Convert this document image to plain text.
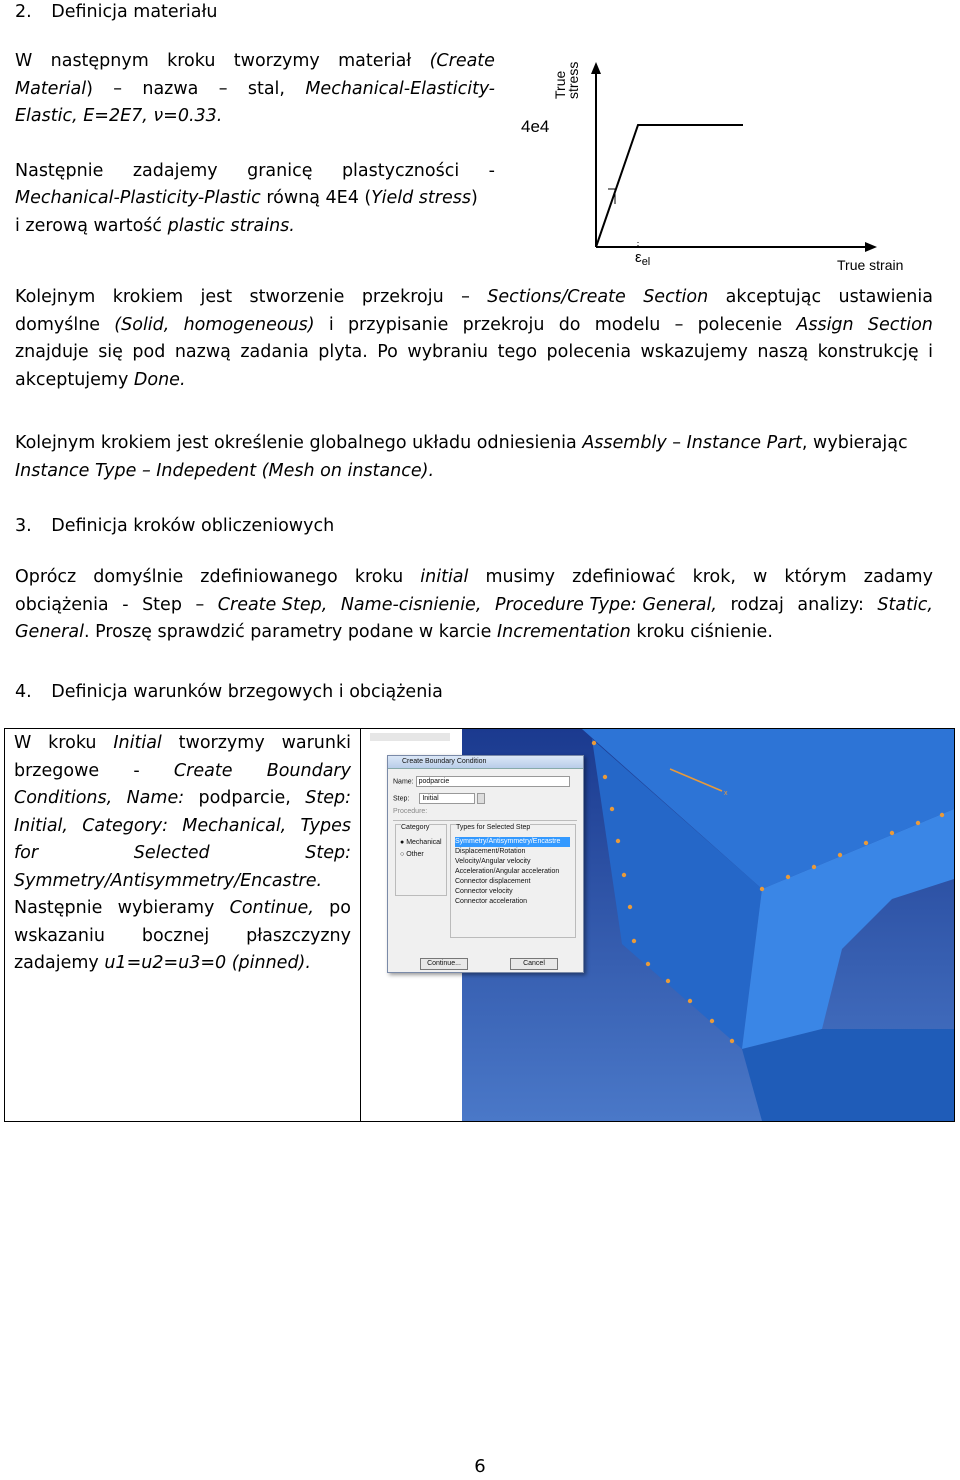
2. Definicja materiału
W następnym kroku tworzymy materiał (Create
Material) – nazwa – stal, Mechanical-Elasticity-
Elastic, E=2E7, ν=0.33.
Następnie zadajemy granicę plastyczności -
Mechanical-Plasticity-Plastic równą 4E4 (Yield stress)
i zerową wartość plastic strains.
True
stress
True stress
True strain
4e4
$\varepsilon_{el}$
Kolejnym krokiem jest stworzenie przekroju – Sections/Create Section akceptując ustawienia
domyślne (Solid, homogeneous) i przypisanie przekroju do modelu – polecenie Assign Section
znajduje się pod nazwą zadania plyta. Po wybraniu tego polecenia wskazujemy naszą konstrukcję i
akceptujemy Done.
Kolejnym krokiem jest określenie globalnego układu odniesienia Assembly – Instance Part, wybierając
Instance Type – Indepedent (Mesh on instance).
3. Definicja kroków obliczeniowych
Oprócz domyślnie zdefiniowanego kroku initial musimy zdefiniować krok, w którym zadamy
obciążenia - Step – Create Step, Name-cisnienie, Procedure Type: General, rodzaj analizy: Static,
General. Proszę sprawdzić parametry podane w karcie Incrementation kroku ciśnienie.
4. Definicja warunków brzegowych i obciążenia
W kroku Initial tworzymy warunki
brzegowe - Create Boundary
Conditions, Name: podparcie, Step:
Initial, Category: Mechanical, Types
for	Selected	Step:
Symmetry/Antisymmetry/Encastre.
Następnie wybieramy Continue, po
wskazaniu bocznej płaszczyzny
zadajemy u1=u2=u3=0 (pinned).
x
Create Boundary Condition
Name: podparcie
Step: Initial
Procedure:
Category
● Mechanical
○ Other
Types for Selected Step
Symmetry/Antisymmetry/Encastre
Displacement/Rotation
Velocity/Angular velocity
Acceleration/Angular acceleration
Connector displacement
Connector velocity
Connector acceleration
Continue...	Cancel
6
